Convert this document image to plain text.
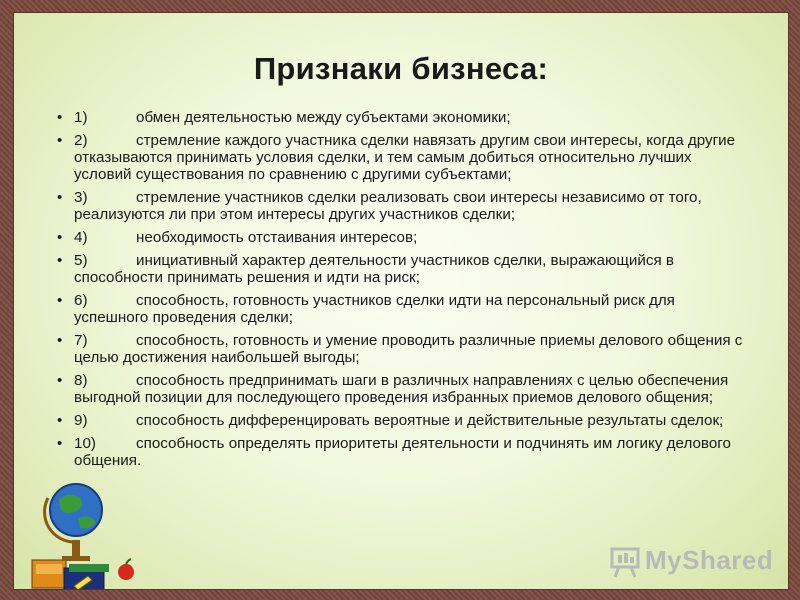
Признаки бизнеса:
• 1)	обмен деятельностью между субъектами экономики;
• 2)	стремление каждого участника сделки навязать другим свои интересы, когда другие отказываются принимать условия сделки, и тем самым добиться относительно лучших условий существования по сравнению с другими субъектами;
• 3)	стремление участников сделки реализовать свои интересы независимо от того, реализуются ли при этом интересы других участников сделки;
• 4)	необходимость отстаивания интересов;
• 5)	инициативный характер деятельности участников сделки, выражающийся в способности принимать решения и идти на риск;
• 6)	способность, готовность участников сделки идти на персональный риск для успешного проведения сделки;
• 7)	способность, готовность и умение проводить различные приемы делового общения с целью достижения наибольшей выгоды;
• 8)	способность предпринимать шаги в различных направлениях с целью обеспечения выгодной позиции для последующего проведения избранных приемов делового общения;
• 9)	способность дифференцировать вероятные и действительные результаты сделок;
• 10)	способность определять приоритеты деятельности и подчинять им логику делового общения.
MyShared
